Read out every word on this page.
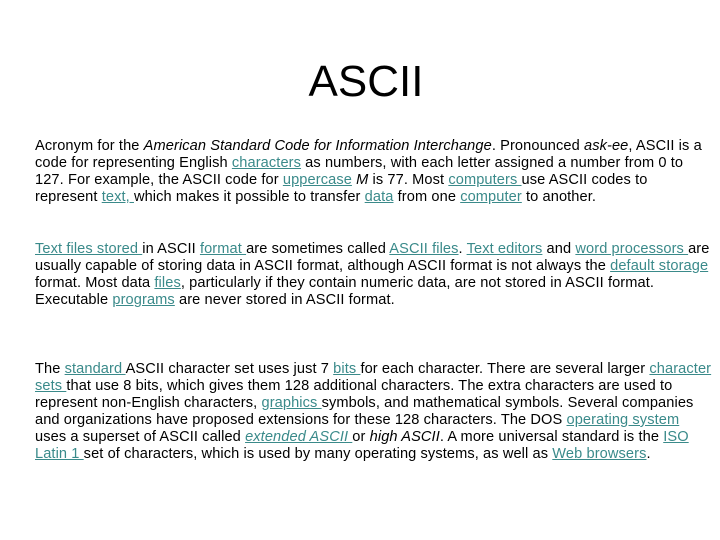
ASCII

Acronym for the American Standard Code for Information Interchange. Pronounced ask-ee, ASCII is a code for representing English characters as numbers, with each letter assigned a number from 0 to 127. For example, the ASCII code for uppercase M is 77. Most computers use ASCII codes to represent text, which makes it possible to transfer data from one computer to another.

Text files stored in ASCII format are sometimes called ASCII files. Text editors and word processors are usually capable of storing data in ASCII format, although ASCII format is not always the default storage format. Most data files, particularly if they contain numeric data, are not stored in ASCII format. Executable programs are never stored in ASCII format.

The standard ASCII character set uses just 7 bits for each character. There are several larger character sets that use 8 bits, which gives them 128 additional characters. The extra characters are used to represent non-English characters, graphics symbols, and mathematical symbols. Several companies and organizations have proposed extensions for these 128 characters. The DOS operating system uses a superset of ASCII called extended ASCII or high ASCII. A more universal standard is the ISO Latin 1 set of characters, which is used by many operating systems, as well as Web browsers.
